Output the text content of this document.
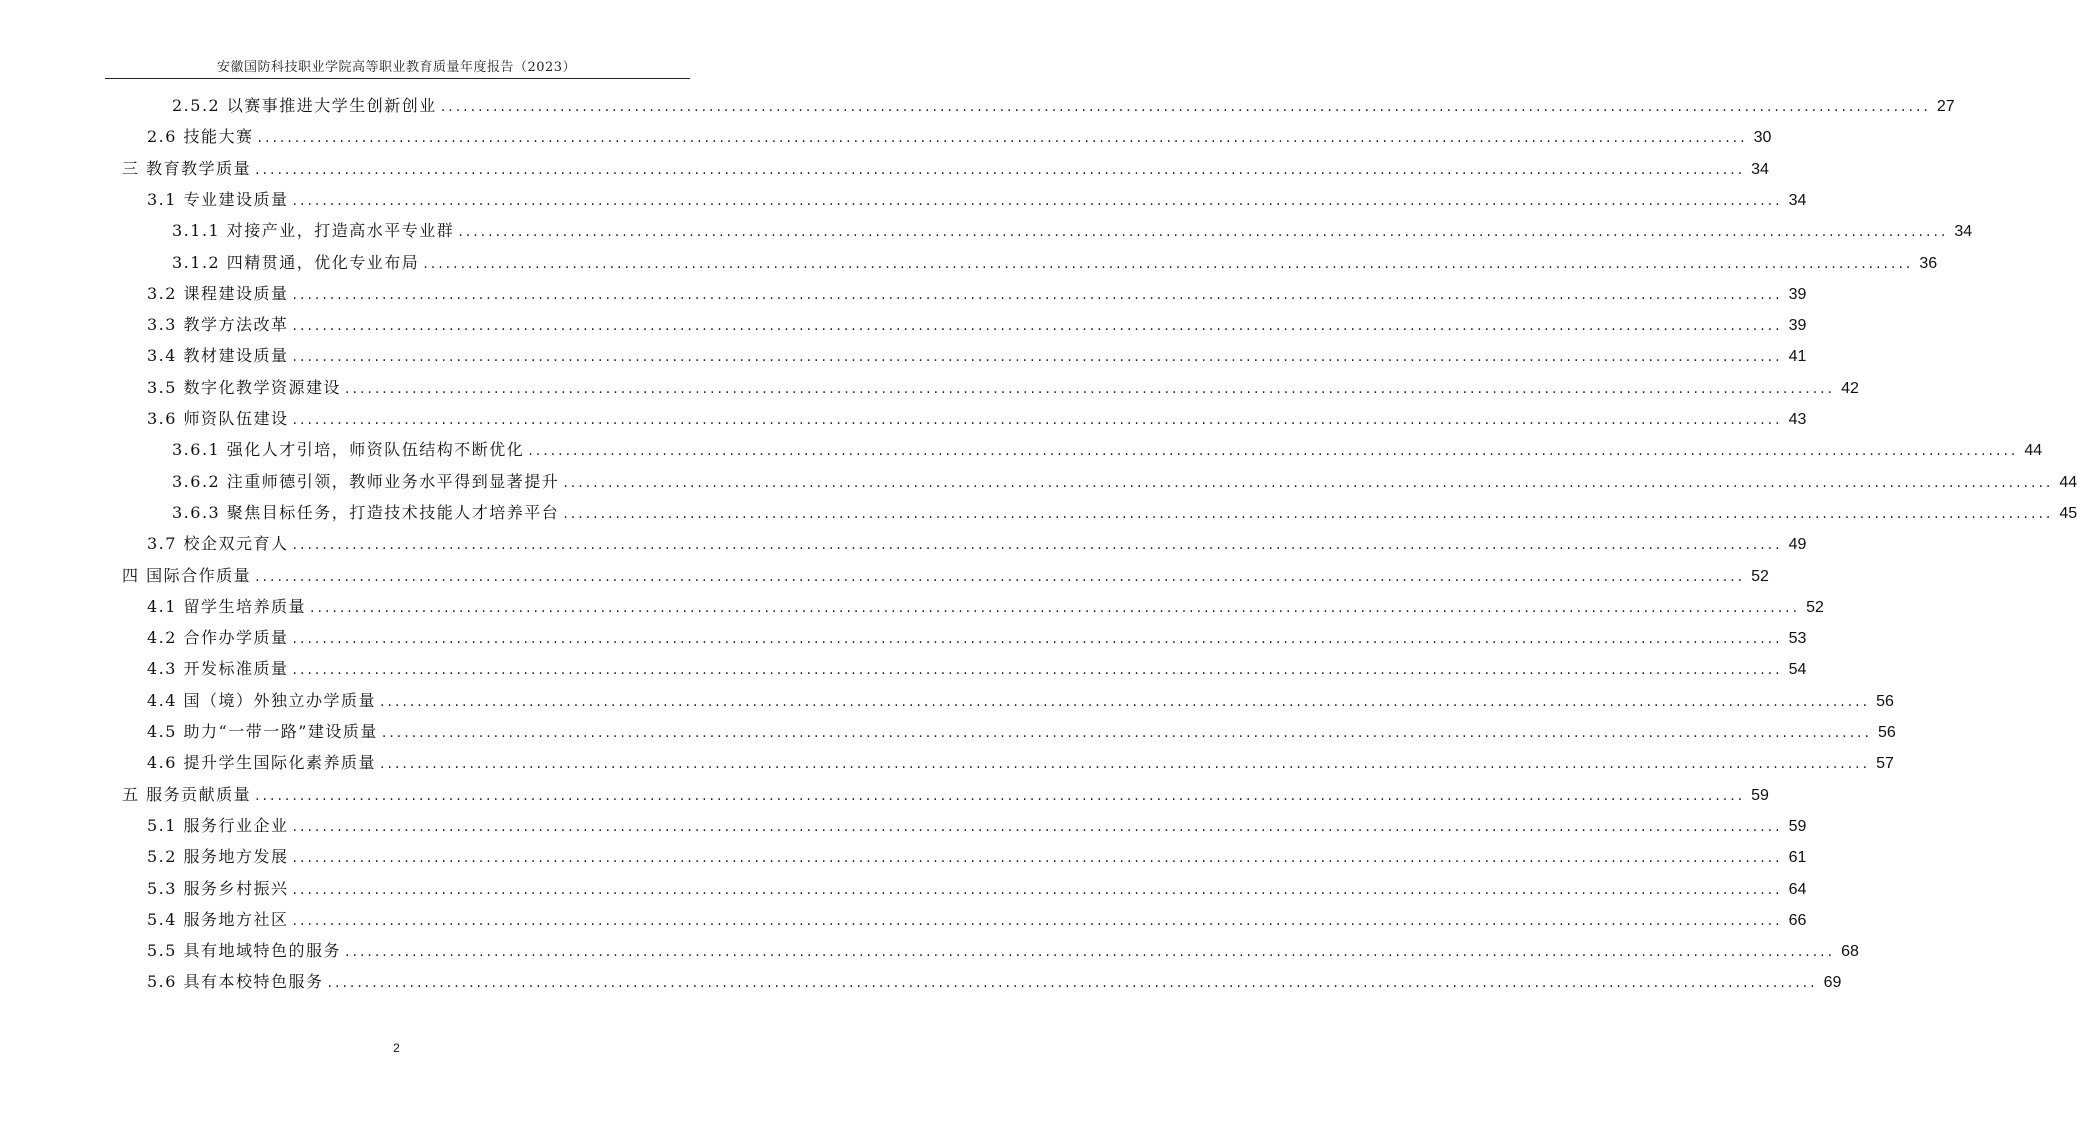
安徽国防科技职业学院高等职业教育质量年度报告（2023）
2.5.2 以赛事推进大学生创新创业 ........................................................................................................................................................................................................ 27
2.6 技能大赛 ........................................................................................................................................................................................................ 30
三 教育教学质量 ........................................................................................................................................................................................................ 34
3.1 专业建设质量 ........................................................................................................................................................................................................ 34
3.1.1 对接产业，打造高水平专业群 ........................................................................................................................................................................................................ 34
3.1.2 四精贯通，优化专业布局 ........................................................................................................................................................................................................ 36
3.2 课程建设质量 ........................................................................................................................................................................................................ 39
3.3 教学方法改革 ........................................................................................................................................................................................................ 39
3.4 教材建设质量 ........................................................................................................................................................................................................ 41
3.5 数字化教学资源建设 ........................................................................................................................................................................................................ 42
3.6 师资队伍建设 ........................................................................................................................................................................................................ 43
3.6.1 强化人才引培，师资队伍结构不断优化 ........................................................................................................................................................................................................ 44
3.6.2 注重师德引领，教师业务水平得到显著提升 ........................................................................................................................................................................................................ 44
3.6.3 聚焦目标任务，打造技术技能人才培养平台 ........................................................................................................................................................................................................ 45
3.7 校企双元育人 ........................................................................................................................................................................................................ 49
四 国际合作质量 ........................................................................................................................................................................................................ 52
4.1 留学生培养质量 ........................................................................................................................................................................................................ 52
4.2 合作办学质量 ........................................................................................................................................................................................................ 53
4.3 开发标准质量 ........................................................................................................................................................................................................ 54
4.4 国（境）外独立办学质量 ........................................................................................................................................................................................................ 56
4.5 助力“一带一路”建设质量 ........................................................................................................................................................................................................ 56
4.6 提升学生国际化素养质量 ........................................................................................................................................................................................................ 57
五 服务贡献质量 ........................................................................................................................................................................................................ 59
5.1 服务行业企业 ........................................................................................................................................................................................................ 59
5.2 服务地方发展 ........................................................................................................................................................................................................ 61
5.3 服务乡村振兴 ........................................................................................................................................................................................................ 64
5.4 服务地方社区 ........................................................................................................................................................................................................ 66
5.5 具有地域特色的服务 ........................................................................................................................................................................................................ 68
5.6 具有本校特色服务 ........................................................................................................................................................................................................ 69
2
